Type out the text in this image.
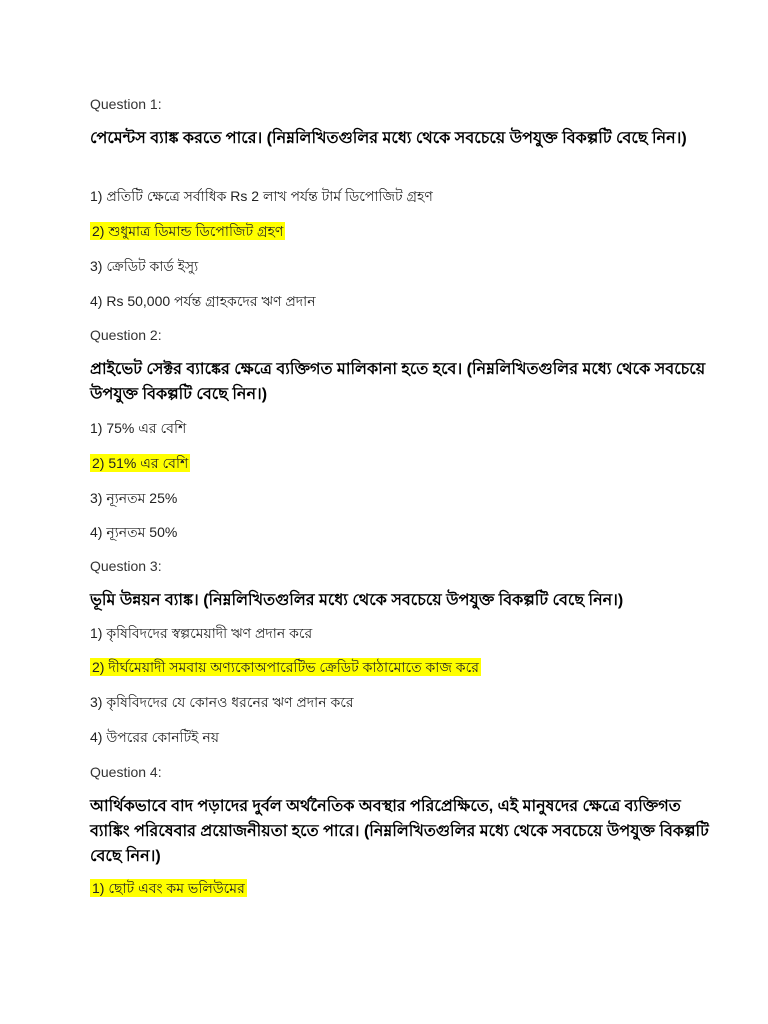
Question 1:
পেমেন্টস ব্যাঙ্ক করতে পারে। (নিম্নলিখিতগুলির মধ্যে থেকে সবচেয়ে উপযুক্ত বিকল্পটি বেছে নিন।)
1) প্রতিটি ক্ষেত্রে সর্বাধিক Rs 2 লাখ পর্যন্ত টার্ম ডিপোজিট গ্রহণ
2) শুধুমাত্র ডিমান্ড ডিপোজিট গ্রহণ
3) ক্রেডিট কার্ড ইস্যু
4) Rs 50,000 পর্যন্ত গ্রাহকদের ঋণ প্রদান
Question 2:
প্রাইভেট সেক্টর ব্যাঙ্কের ক্ষেত্রে ব্যক্তিগত মালিকানা হতে হবে। (নিম্নলিখিতগুলির মধ্যে থেকে সবচেয়ে উপযুক্ত বিকল্পটি বেছে নিন।)
1) 75% এর বেশি
2) 51% এর বেশি
3) ন্যূনতম 25%
4) ন্যূনতম 50%
Question 3:
ভূমি উন্নয়ন ব্যাঙ্ক। (নিম্নলিখিতগুলির মধ্যে থেকে সবচেয়ে উপযুক্ত বিকল্পটি বেছে নিন।)
1) কৃষিবিদদের স্বল্পমেয়াদী ঋণ প্রদান করে
2) দীর্ঘমেয়াদী সমবায় অণ্যকোঅপারেটিভ ক্রেডিট কাঠামোতে কাজ করে
3) কৃষিবিদদের যে কোনও ধরনের ঋণ প্রদান করে
4) উপরের কোনটিই নয়
Question 4:
আর্থিকভাবে বাদ পড়াদের দুর্বল অর্থনৈতিক অবস্থার পরিপ্রেক্ষিতে, এই মানুষদের ক্ষেত্রে ব্যক্তিগত ব্যাঙ্কিং পরিষেবার প্রয়োজনীয়তা হতে পারে। (নিম্নলিখিতগুলির মধ্যে থেকে সবচেয়ে উপযুক্ত বিকল্পটি বেছে নিন।)
1) ছোট এবং কম ভলিউমের
